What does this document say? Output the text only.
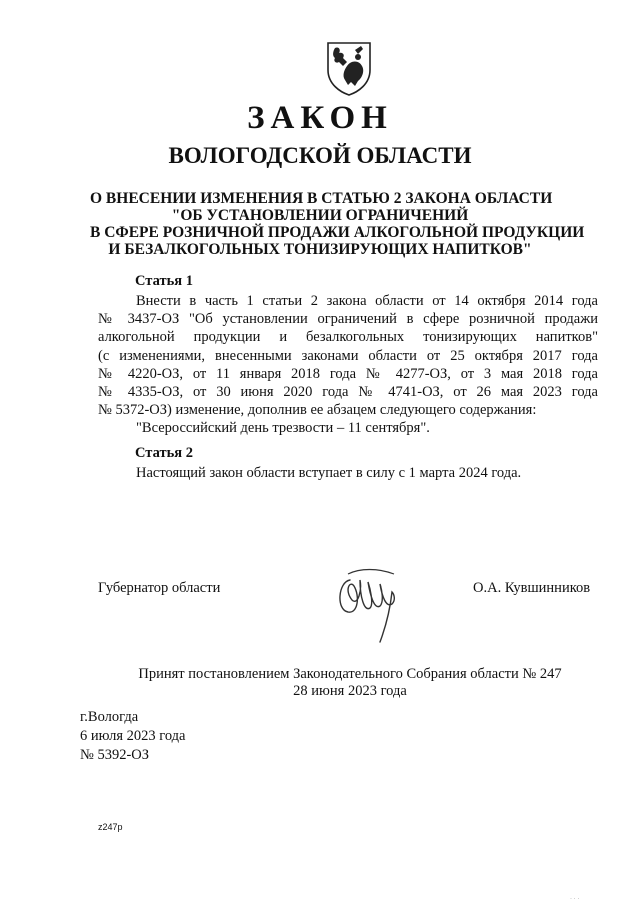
ЗАКОН
ВОЛОГОДСКОЙ ОБЛАСТИ
О ВНЕСЕНИИ ИЗМЕНЕНИЯ В СТАТЬЮ 2 ЗАКОНА ОБЛАСТИ
"ОБ УСТАНОВЛЕНИИ ОГРАНИЧЕНИЙ
В СФЕРЕ РОЗНИЧНОЙ ПРОДАЖИ АЛКОГОЛЬНОЙ ПРОДУКЦИИ
И БЕЗАЛКОГОЛЬНЫХ ТОНИЗИРУЮЩИХ НАПИТКОВ"
Статья 1
Внести в часть 1 статьи 2 закона области от 14 октября 2014 года
№ 3437-ОЗ "Об установлении ограничений в сфере розничной продажи
алкогольной продукции и безалкогольных тонизирующих напитков"
(с изменениями, внесенными законами области от 25 октября 2017 года
№ 4220-ОЗ, от 11 января 2018 года № 4277-ОЗ, от 3 мая 2018 года
№ 4335-ОЗ, от 30 июня 2020 года № 4741-ОЗ, от 26 мая 2023 года
№ 5372-ОЗ) изменение, дополнив ее абзацем следующего содержания:
"Всероссийский день трезвости – 11 сентября".
Статья 2
Настоящий закон области вступает в силу с 1 марта 2024 года.
Губернатор области	О.А. Кувшинников
Принят постановлением Законодательного Собрания области № 247
28 июня 2023 года
г.Вологда
6 июля 2023 года
№ 5392-ОЗ
z247p
· · ·
